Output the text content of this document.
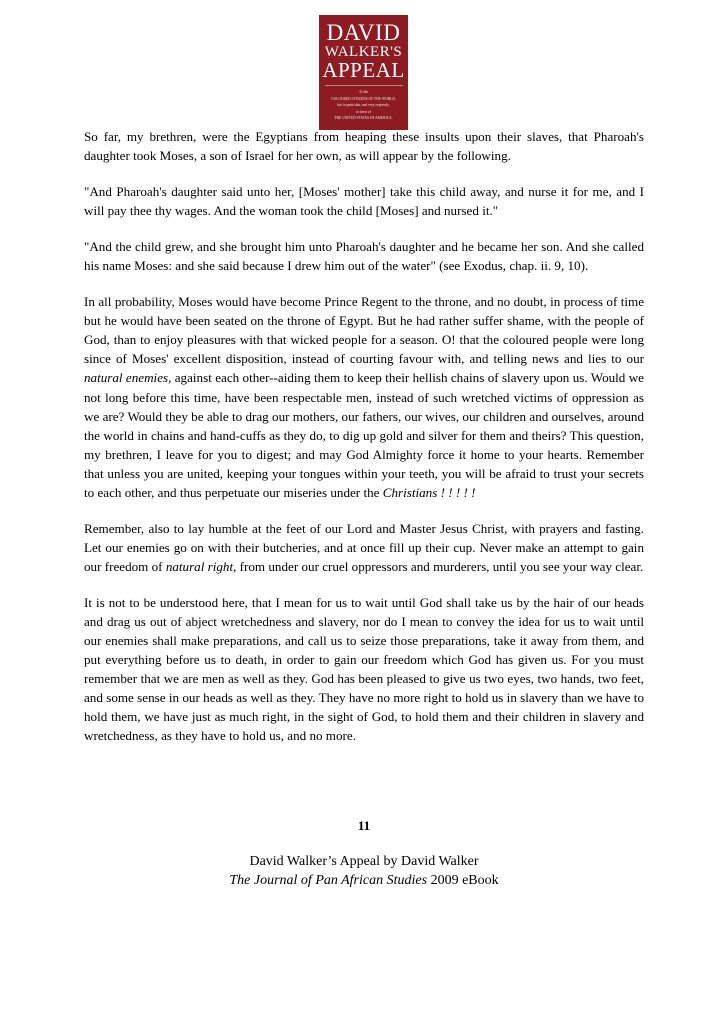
DAVID
WALKER'S
APPEAL
To the
COLOURED CITIZENS OF THE WORLD,
but in particular, and very expressly,
to those of
THE UNITED STATES OF AMERICA.

So far, my brethren, were the Egyptians from heaping these insults upon their slaves, that Pharoah's daughter took Moses, a son of Israel for her own, as will appear by the following.

"And Pharoah's daughter said unto her, [Moses' mother] take this child away, and nurse it for me, and I will pay thee thy wages. And the woman took the child [Moses] and nursed it."

"And the child grew, and she brought him unto Pharoah's daughter and he became her son. And she called his name Moses: and she said because I drew him out of the water" (see Exodus, chap. ii. 9, 10).

In all probability, Moses would have become Prince Regent to the throne, and no doubt, in process of time but he would have been seated on the throne of Egypt. But he had rather suffer shame, with the people of God, than to enjoy pleasures with that wicked people for a season. O! that the coloured people were long since of Moses' excellent disposition, instead of courting favour with, and telling news and lies to our natural enemies, against each other--aiding them to keep their hellish chains of slavery upon us. Would we not long before this time, have been respectable men, instead of such wretched victims of oppression as we are? Would they be able to drag our mothers, our fathers, our wives, our children and ourselves, around the world in chains and hand-cuffs as they do, to dig up gold and silver for them and theirs? This question, my brethren, I leave for you to digest; and may God Almighty force it home to your hearts. Remember that unless you are united, keeping your tongues within your teeth, you will be afraid to trust your secrets to each other, and thus perpetuate our miseries under the Christians ! ! ! ! !

Remember, also to lay humble at the feet of our Lord and Master Jesus Christ, with prayers and fasting. Let our enemies go on with their butcheries, and at once fill up their cup. Never make an attempt to gain our freedom of natural right, from under our cruel oppressors and murderers, until you see your way clear.

It is not to be understood here, that I mean for us to wait until God shall take us by the hair of our heads and drag us out of abject wretchedness and slavery, nor do I mean to convey the idea for us to wait until our enemies shall make preparations, and call us to seize those preparations, take it away from them, and put everything before us to death, in order to gain our freedom which God has given us. For you must remember that we are men as well as they. God has been pleased to give us two eyes, two hands, two feet, and some sense in our heads as well as they. They have no more right to hold us in slavery than we have to hold them, we have just as much right, in the sight of God, to hold them and their children in slavery and wretchedness, as they have to hold us, and no more.

11
David Walker’s Appeal by David Walker
The Journal of Pan African Studies 2009 eBook
